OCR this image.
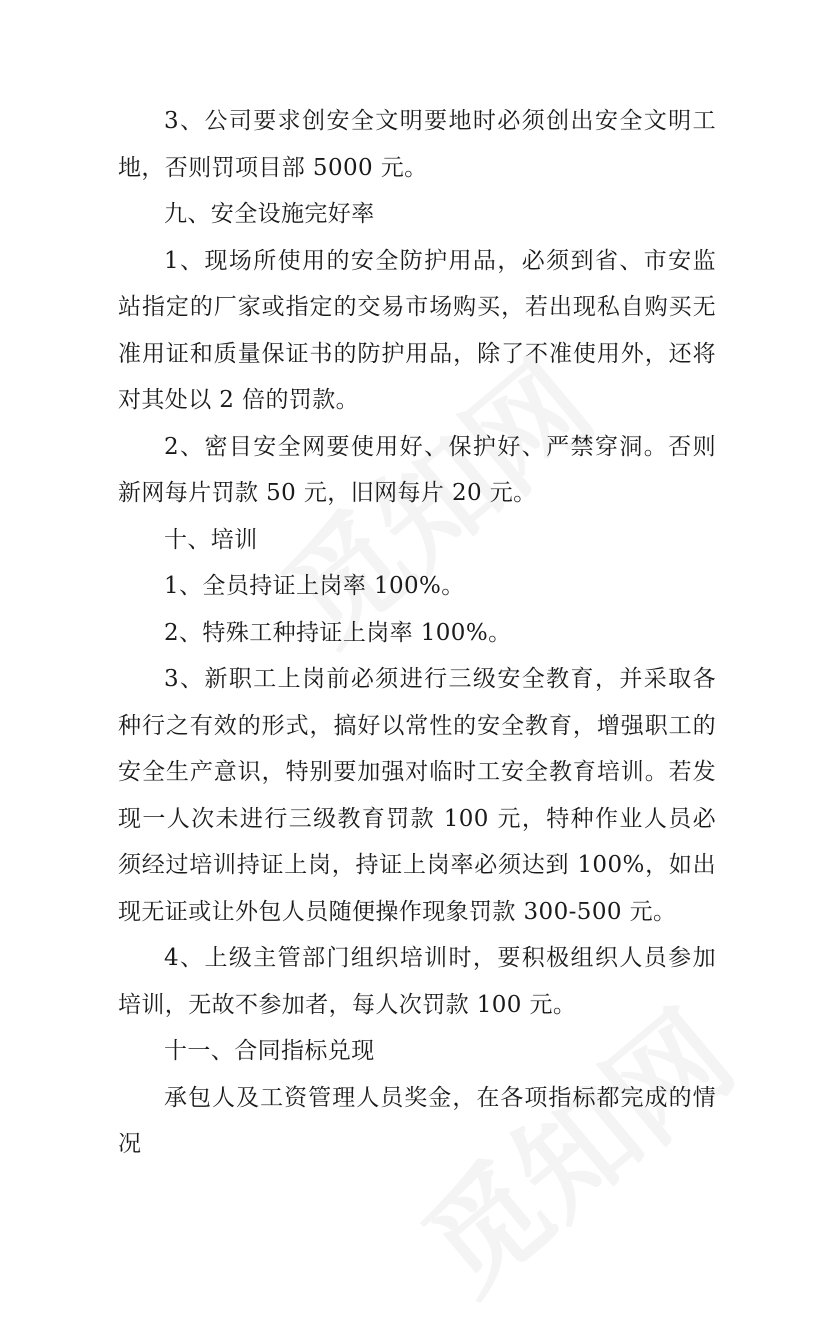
3、公司要求创安全文明要地时必须创出安全文明工地，否则罚项目部 5000 元。

九、安全设施完好率

1、现场所使用的安全防护用品，必须到省、市安监站指定的厂家或指定的交易市场购买，若出现私自购买无准用证和质量保证书的防护用品，除了不准使用外，还将对其处以 2 倍的罚款。

2、密目安全网要使用好、保护好、严禁穿洞。否则新网每片罚款 50 元，旧网每片 20 元。

十、培训

1、全员持证上岗率 100%。

2、特殊工种持证上岗率 100%。

3、新职工上岗前必须进行三级安全教育，并采取各种行之有效的形式，搞好以常性的安全教育，增强职工的安全生产意识，特别要加强对临时工安全教育培训。若发现一人次未进行三级教育罚款 100 元，特种作业人员必须经过培训持证上岗，持证上岗率必须达到 100%，如出现无证或让外包人员随便操作现象罚款 300-500 元。

4、上级主管部门组织培训时，要积极组织人员参加培训，无故不参加者，每人次罚款 100 元。

十一、合同指标兑现

承包人及工资管理人员奖金，在各项指标都完成的情况
